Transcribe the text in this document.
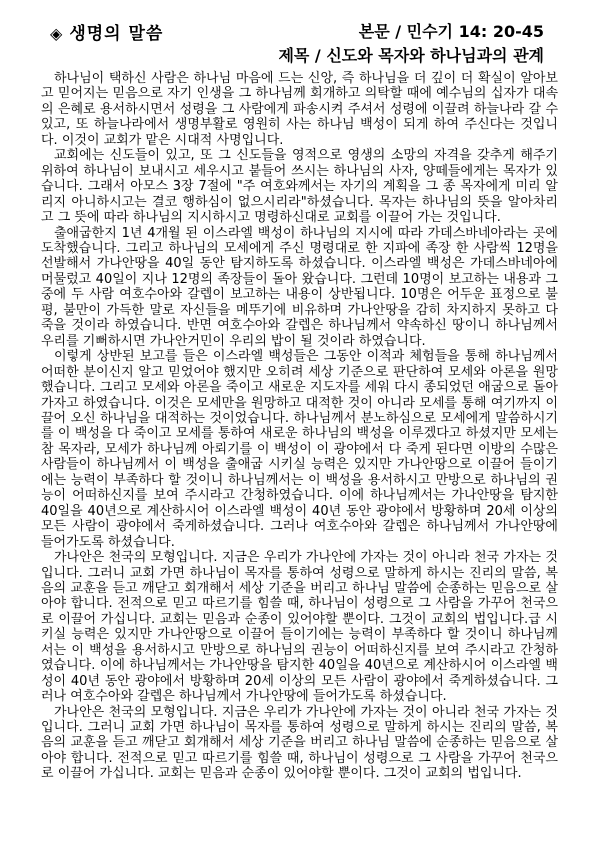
◈ 생명의 말씀	본문 / 민수기 14: 20-45
제목 / 신도와 목자와 하나님과의 관계

하나님이 택하신 사람은 하나님 마음에 드는 신앙, 즉 하나님을 더 깊이 더 확실이 알아보고 믿어지는 믿음으로 자기 인생을 그 하나님께 회개하고 의탁할 때에 예수님의 십자가 대속의 은혜로 용서하시면서 성령을 그 사람에게 파송시켜 주셔서 성령에 이끌려 하늘나라 갈 수 있고, 또 하늘나라에서 생명부활로 영원히 사는 하나님 백성이 되게 하여 주신다는 것입니다. 이것이 교회가 맡은 시대적 사명입니다.

교회에는 신도들이 있고, 또 그 신도들을 영적으로 영생의 소망의 자격을 갖추게 해주기 위하여 하나님이 보내시고 세우시고 붙들어 쓰시는 하나님의 사자, 양떼들에게는 목자가 있습니다. 그래서 아모스 3장 7절에 "주 여호와께서는 자기의 계획을 그 종 목자에게 미리 알리지 아니하시고는 결코 행하심이 없으시리라"하셨습니다. 목자는 하나님의 뜻을 알아차리고 그 뜻에 따라 하나님의 지시하시고 명령하신대로 교회를 이끌어 가는 것입니다.

출애굽한지 1년 4개월 된 이스라엘 백성이 하나님의 지시에 따라 가데스바네아라는 곳에 도착했습니다. 그리고 하나님의 모세에게 주신 명령대로 한 지파에 족장 한 사람씩 12명을 선발해서 가나안땅을 40일 동안 탐지하도록 하셨습니다. 이스라엘 백성은 가데스바네아에 머물렀고 40일이 지나 12명의 족장들이 돌아 왔습니다. 그런데 10명이 보고하는 내용과 그중에 두 사람 여호수아와 갈렙이 보고하는 내용이 상반됩니다. 10명은 어두운 표정으로 불평, 불만이 가득한 말로 자신들을 메뚜기에 비유하며 가나안땅을 감히 차지하지 못하고 다 죽을 것이라 하였습니다. 반면 여호수아와 갈렙은 하나님께서 약속하신 땅이니 하나님께서 우리를 기뻐하시면 가나안거민이 우리의 밥이 될 것이라 하였습니다.

이렇게 상반된 보고를 들은 이스라엘 백성들은 그동안 이적과 체험들을 통해 하나님께서 어떠한 분이신지 알고 믿었어야 했지만 오히려 세상 기준으로 판단하여 모세와 아론을 원망했습니다. 그리고 모세와 아론을 죽이고 새로운 지도자를 세워 다시 종되었던 애굽으로 돌아가자고 하였습니다. 이것은 모세만을 원망하고 대적한 것이 아니라 모세를 통해 여기까지 이끌어 오신 하나님을 대적하는 것이었습니다. 하나님께서 분노하심으로 모세에게 말씀하시기를 이 백성을 다 죽이고 모세를 통하여 새로운 하나님의 백성을 이루겠다고 하셨지만 모세는 참 목자라, 모세가 하나님께 아뢰기를 이 백성이 이 광야에서 다 죽게 된다면 이방의 수많은 사람들이 하나님께서 이 백성을 출애굽 시키실 능력은 있지만 가나안땅으로 이끌어 들이기에는 능력이 부족하다 할 것이니 하나님께서는 이 백성을 용서하시고 만방으로 하나님의 권능이 어떠하신지를 보여 주시라고 간청하였습니다. 이에 하나님께서는 가나안땅을 탐지한 40일을 40년으로 계산하시어 이스라엘 백성이 40년 동안 광야에서 방황하며 20세 이상의 모든 사람이 광야에서 죽게하셨습니다. 그러나 여호수아와 갈렙은 하나님께서 가나안땅에 들어가도록 하셨습니다.

가나안은 천국의 모형입니다. 지금은 우리가 가나안에 가자는 것이 아니라 천국 가자는 것입니다. 그러니 교회 가면 하나님이 목자를 통하여 성령으로 말하게 하시는 진리의 말씀, 복음의 교훈을 듣고 깨닫고 회개해서 세상 기준을 버리고 하나님 말씀에 순종하는 믿음으로 살아야 합니다. 전적으로 믿고 따르기를 힘쓸 때, 하나님이 성령으로 그 사람을 가꾸어 천국으로 이끌어 가십니다. 교회는 믿음과 순종이 있어야할 뿐이다. 그것이 교회의 법입니다.급 시키실 능력은 있지만 가나안땅으로 이끌어 들이기에는 능력이 부족하다 할 것이니 하나님께서는 이 백성을 용서하시고 만방으로 하나님의 권능이 어떠하신지를 보여 주시라고 간청하였습니다. 이에 하나님께서는 가나안땅을 탐지한 40일을 40년으로 계산하시어 이스라엘 백성이 40년 동안 광야에서 방황하며 20세 이상의 모든 사람이 광야에서 죽게하셨습니다. 그러나 여호수아와 갈렙은 하나님께서 가나안땅에 들어가도록 하셨습니다.

가나안은 천국의 모형입니다. 지금은 우리가 가나안에 가자는 것이 아니라 천국 가자는 것입니다. 그러니 교회 가면 하나님이 목자를 통하여 성령으로 말하게 하시는 진리의 말씀, 복음의 교훈을 듣고 깨닫고 회개해서 세상 기준을 버리고 하나님 말씀에 순종하는 믿음으로 살아야 합니다. 전적으로 믿고 따르기를 힘쓸 때, 하나님이 성령으로 그 사람을 가꾸어 천국으로 이끌어 가십니다. 교회는 믿음과 순종이 있어야할 뿐이다. 그것이 교회의 법입니다.
